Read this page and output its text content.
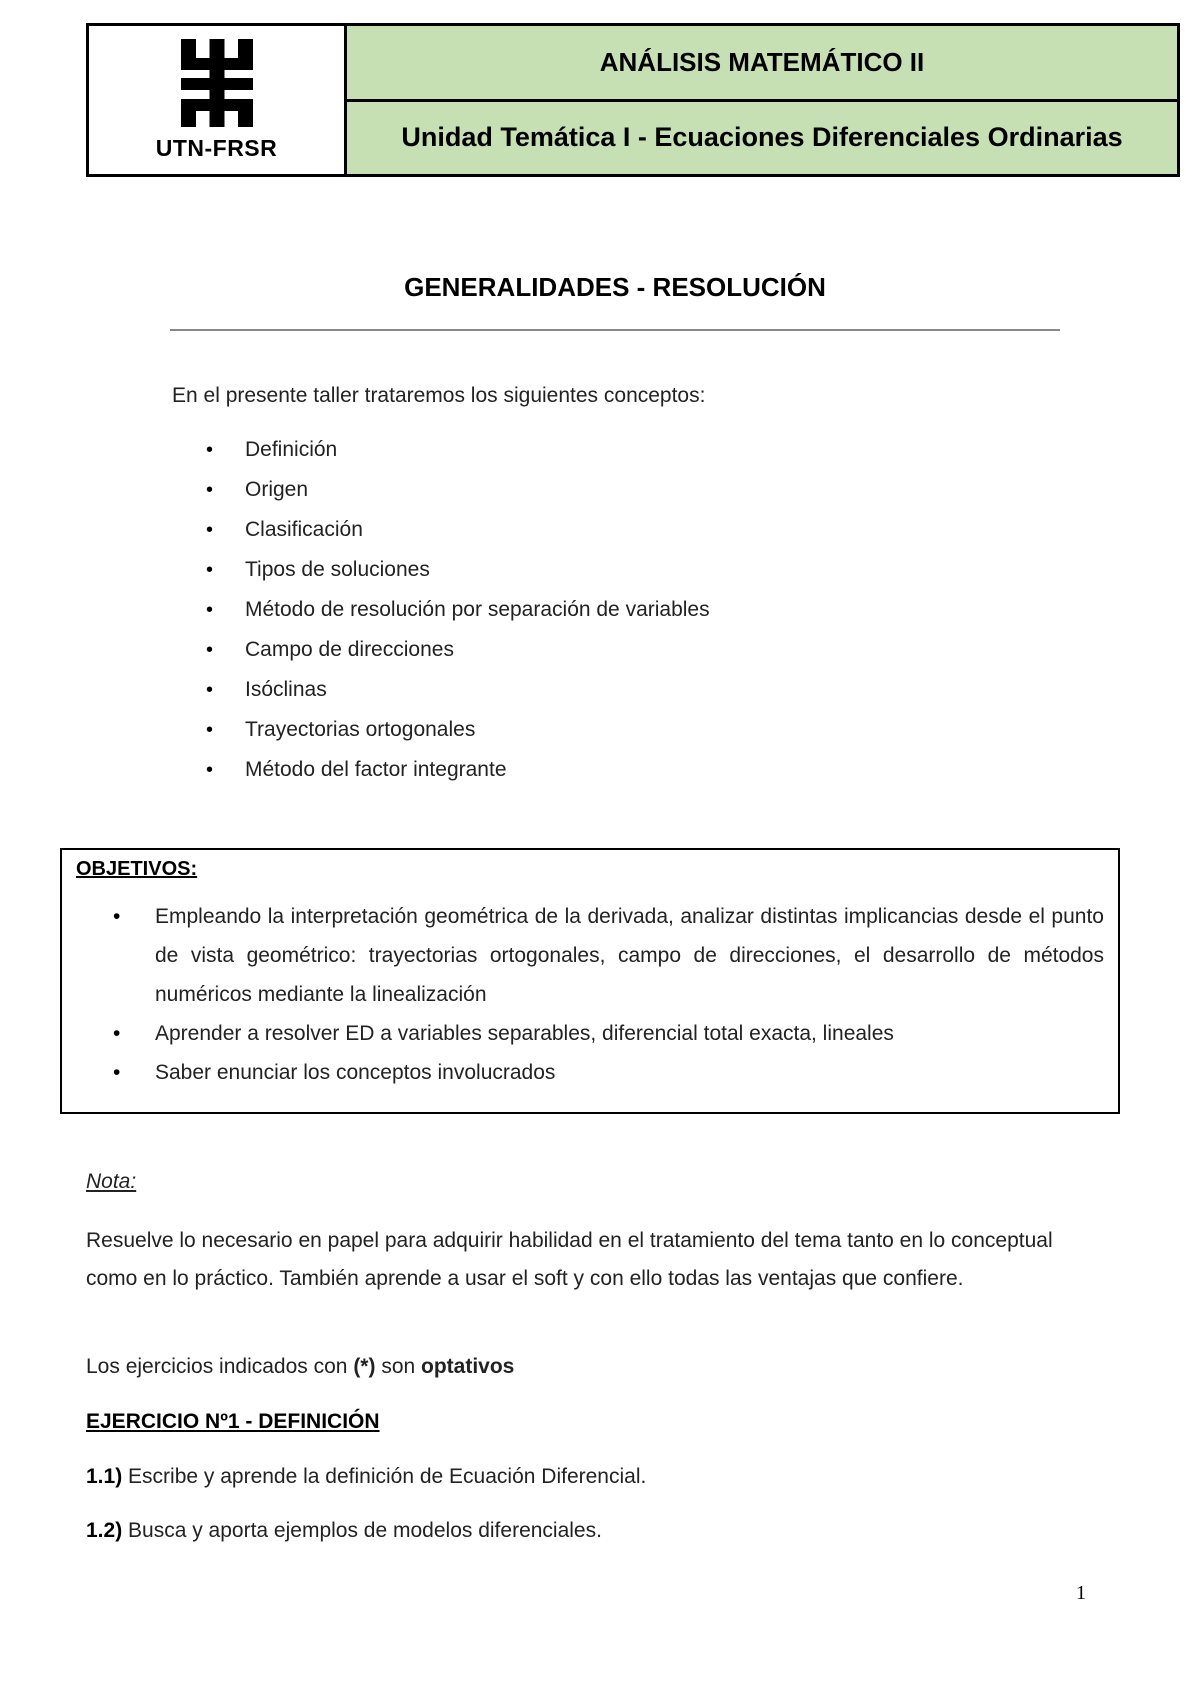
UTN-FRSR
ANÁLISIS MATEMÁTICO II
Unidad Temática I - Ecuaciones Diferenciales Ordinarias
GENERALIDADES - RESOLUCIÓN
En el presente taller trataremos los siguientes conceptos:
• Definición
• Origen
• Clasificación
• Tipos de soluciones
• Método de resolución por separación de variables
• Campo de direcciones
• Isóclinas
• Trayectorias ortogonales
• Método del factor integrante
OBJETIVOS:
• Empleando la interpretación geométrica de la derivada, analizar distintas implicancias desde el punto de vista geométrico: trayectorias ortogonales, campo de direcciones, el desarrollo de métodos numéricos mediante la linealización
• Aprender a resolver ED a variables separables, diferencial total exacta, lineales
• Saber enunciar los conceptos involucrados
Nota:
Resuelve lo necesario en papel para adquirir habilidad en el tratamiento del tema tanto en lo conceptual como en lo práctico. También aprende a usar el soft y con ello todas las ventajas que confiere.
Los ejercicios indicados con (*) son optativos
EJERCICIO Nº1 - DEFINICIÓN
1.1) Escribe y aprende la definición de Ecuación Diferencial.
1.2) Busca y aporta ejemplos de modelos diferenciales.
1
